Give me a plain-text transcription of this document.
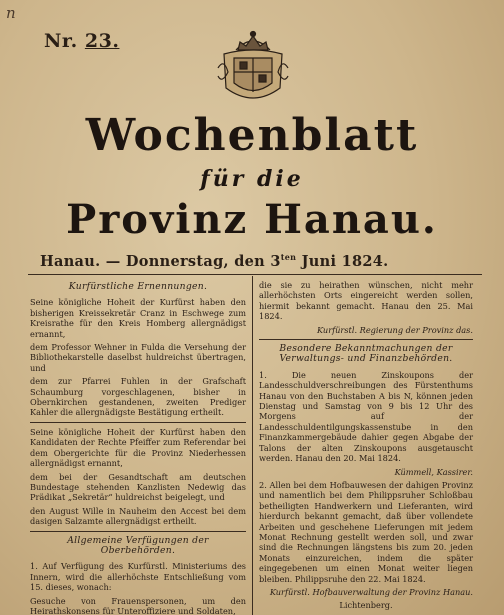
n
Nr. 23.
Wochenblatt
für die
Provinz Hanau.
Hanau. — Donnerstag, den $3^{ten}$ Juni 1824.
Kurfürstliche Ernennungen.

Seine königliche Hoheit der Kurfürst haben den bisherigen Kreissekretär Cranz in Eschwege zum Kreisrathe für den Kreis Homberg allergnädigst ernannt,

dem Professor Wehner in Fulda die Versehung der Bibliothekarstelle daselbst huldreichst übertragen, und

dem zur Pfarrei Fuhlen in der Grafschaft Schaumburg vorgeschlagenen, bisher in Obernkirchen gestandenen, zweiten Prediger Kahler die allergnädigste Bestätigung ertheilt.

Seine königliche Hoheit der Kurfürst haben den Kandidaten der Rechte Pfeiffer zum Referendar bei dem Obergerichte für die Provinz Niederhessen allergnädigst ernannt,

dem bei der Gesandtschaft am deutschen Bundestage stehenden Kanzlisten Nedewig das Prädikat „Sekretär“ huldreichst beigelegt, und

den August Wille in Nauheim den Accest bei dem dasigen Salzamte allergnädigst ertheilt.

Allgemeine Verfügungen der Oberbehörden.

1. Auf Verfügung des Kurfürstl. Ministeriums des Innern, wird die allerhöchste Entschließung vom 15. dieses, wonach:

Gesuche von Frauenspersonen, um den Heirathskonsens für Unteroffiziere und Soldaten,

die sie zu heirathen wünschen, nicht mehr allerhöchsten Orts eingereicht werden sollen, hiermit bekannt gemacht. Hanau den 25. Mai 1824.

Kurfürstl. Regierung der Provinz das.

Besondere Bekanntmachungen der Verwaltungs- und Finanzbehörden.

1. Die neuen Zinskoupons der Landesschuldverschreibungen des Fürstenthums Hanau von den Buchstaben A bis N, können jeden Dienstag und Samstag von 9 bis 12 Uhr des Morgens auf der Landesschuldentilgungskassenstube in den Finanzkammergebäude dahier gegen Abgabe der Talons der alten Zinskoupons ausgetauscht werden. Hanau den 20. Mai 1824.

Kümmell, Kassirer.

2. Allen bei dem Hofbauwesen der dahigen Provinz und namentlich bei dem Philippsruher Schloßbau betheiligten Handwerkern und Lieferanten, wird hierdurch bekannt gemacht, daß über vollendete Arbeiten und geschehene Lieferungen mit jedem Monat Rechnung gestellt werden soll, und zwar sind die Rechnungen längstens bis zum 20. jeden Monats einzureichen, indem die später eingegebenen um einen Monat weiter liegen bleiben. Philippsruhe den 22. Mai 1824.

Kurfürstl. Hofbauverwaltung der Provinz Hanau.

Lichtenberg.
